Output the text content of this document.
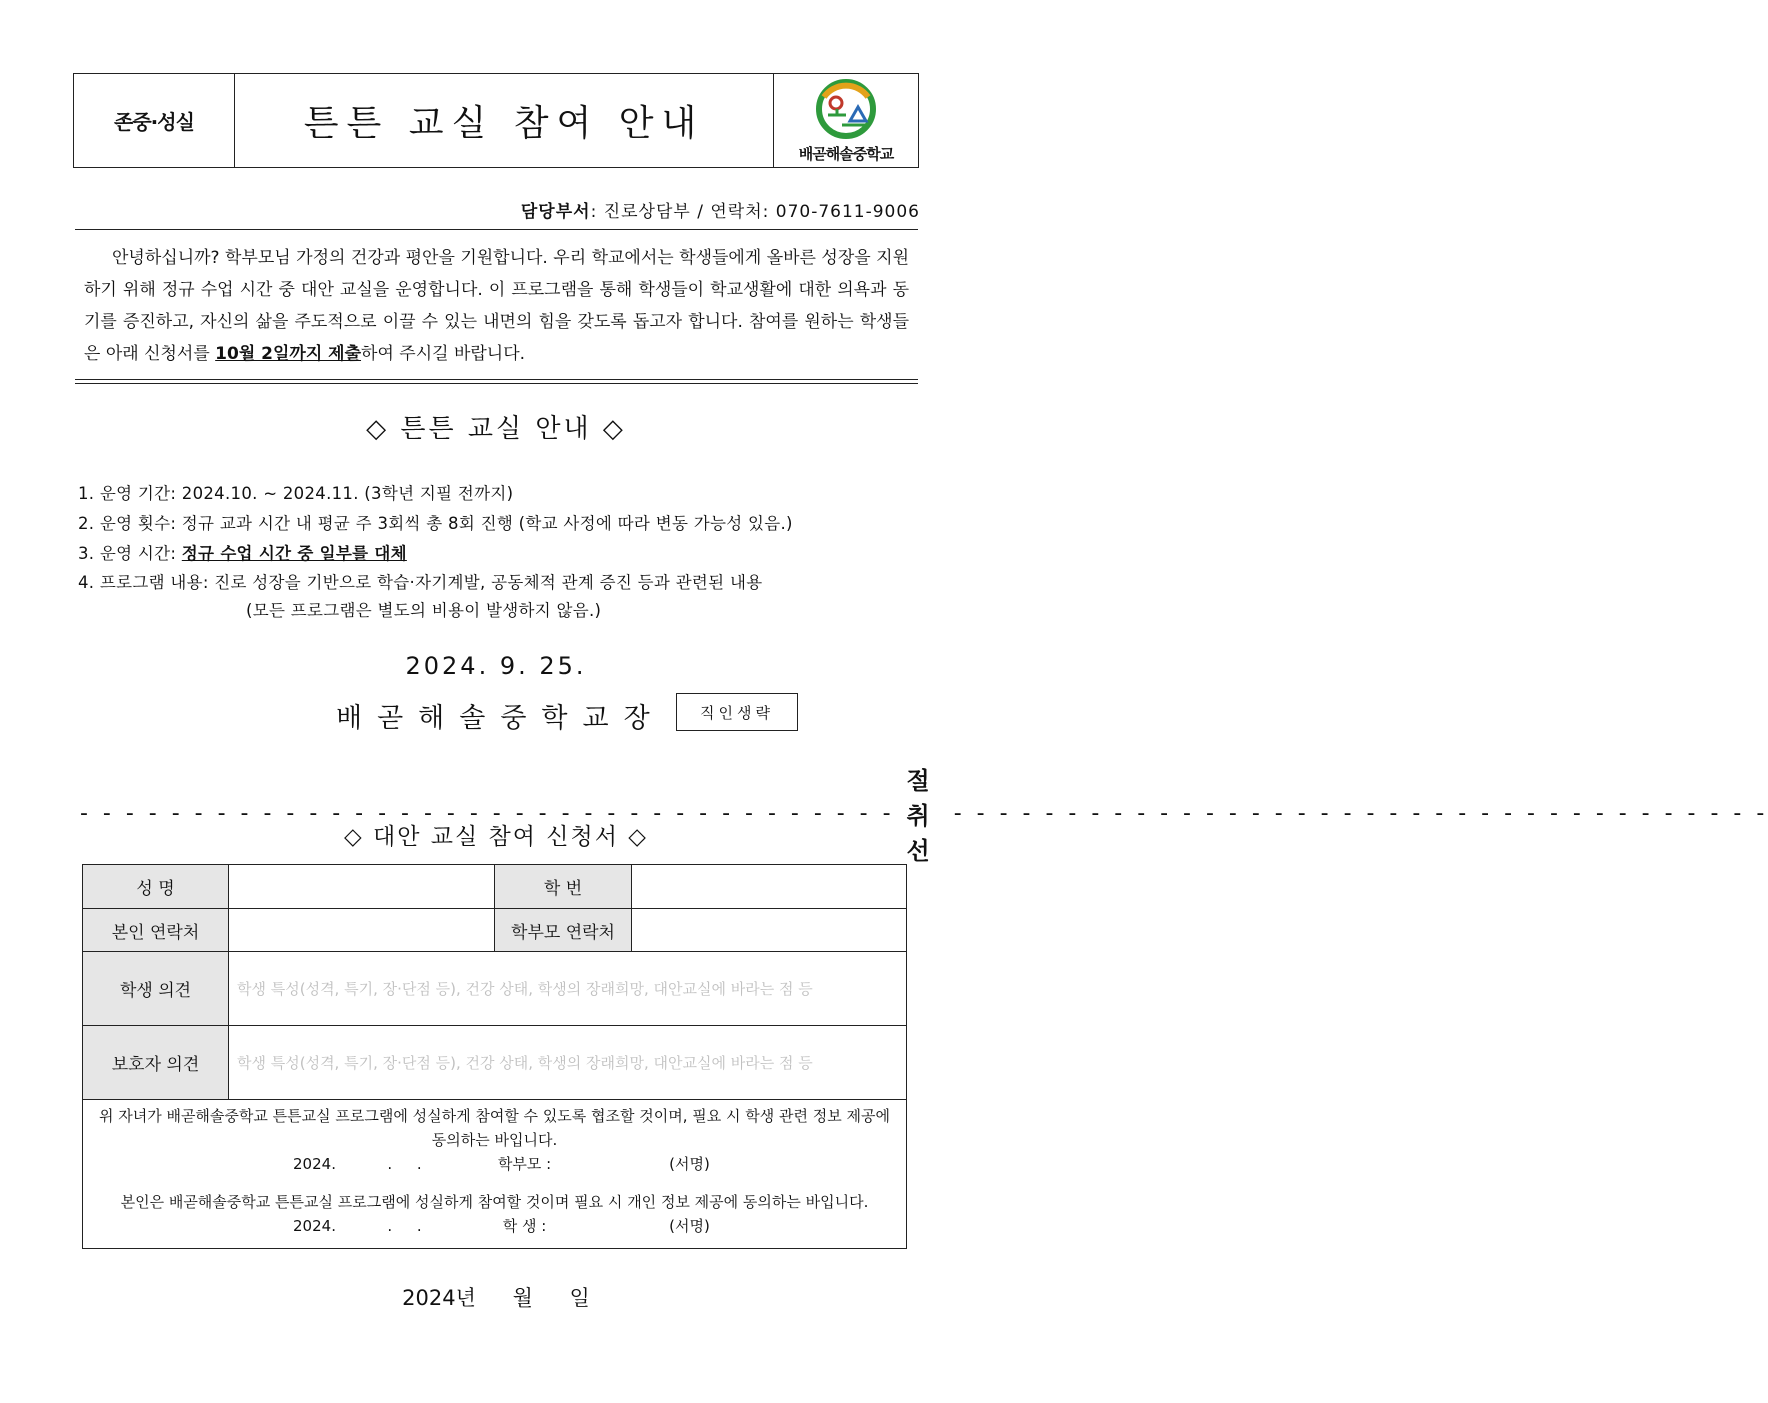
존중·성실	튼튼 교실 참여 안내
배곧해솔중학교
담당부서: 진로상담부 / 연락처: 070-7611-9006
안녕하십니까? 학부모님 가정의 건강과 평안을 기원합니다. 우리 학교에서는 학생들에게 올바른 성장을 지원하기 위해 정규 수업 시간 중 대안 교실을 운영합니다. 이 프로그램을 통해 학생들이 학교생활에 대한 의욕과 동기를 증진하고, 자신의 삶을 주도적으로 이끌 수 있는 내면의 힘을 갖도록 돕고자 합니다. 참여를 원하는 학생들은 아래 신청서를 10월 2일까지 제출하여 주시길 바랍니다.
◇ 튼튼 교실 안내 ◇
1. 운영 기간: 2024.10. ~ 2024.11. (3학년 지필 전까지)
2. 운영 횟수: 정규 교과 시간 내 평균 주 3회씩 총 8회 진행 (학교 사정에 따라 변동 가능성 있음.)
3. 운영 시간: 정규 수업 시간 중 일부를 대체
4. 프로그램 내용: 진로 성장을 기반으로 학습·자기계발, 공동체적 관계 증진 등과 관련된 내용
(모든 프로그램은 별도의 비용이 발생하지 않음.)
2024. 9. 25.
배곧해솔중학교장	직인생략
- - - - - - - - - - - - - - - - - - - - - - - - - - - - - - - - - - - -
절취선
- - - - - - - - - - - - - - - - - - - - - - - - - - - - - - - - - - - -
◇ 대안 교실 참여 신청서 ◇
성 명	학 번
본인 연락처	학부모 연락처
학생 의견	학생 특성(성격, 특기, 장·단점 등), 건강 상태, 학생의 장래희망, 대안교실에 바라는 점 등
보호자 의견	학생 특성(성격, 특기, 장·단점 등), 건강 상태, 학생의 장래희망, 대안교실에 바라는 점 등
위 자녀가 배곧해솔중학교 튼튼교실 프로그램에 성실하게 참여할 수 있도록 협조할 것이며, 필요 시 학생 관련 정보 제공에 동의하는 바입니다.
2024.	. .	학부모 :	(서명)
본인은 배곧해솔중학교 튼튼교실 프로그램에 성실하게 참여할 것이며 필요 시 개인 정보 제공에 동의하는 바입니다.
2024.	. .	학 생 :	(서명)
2024년 월 일
